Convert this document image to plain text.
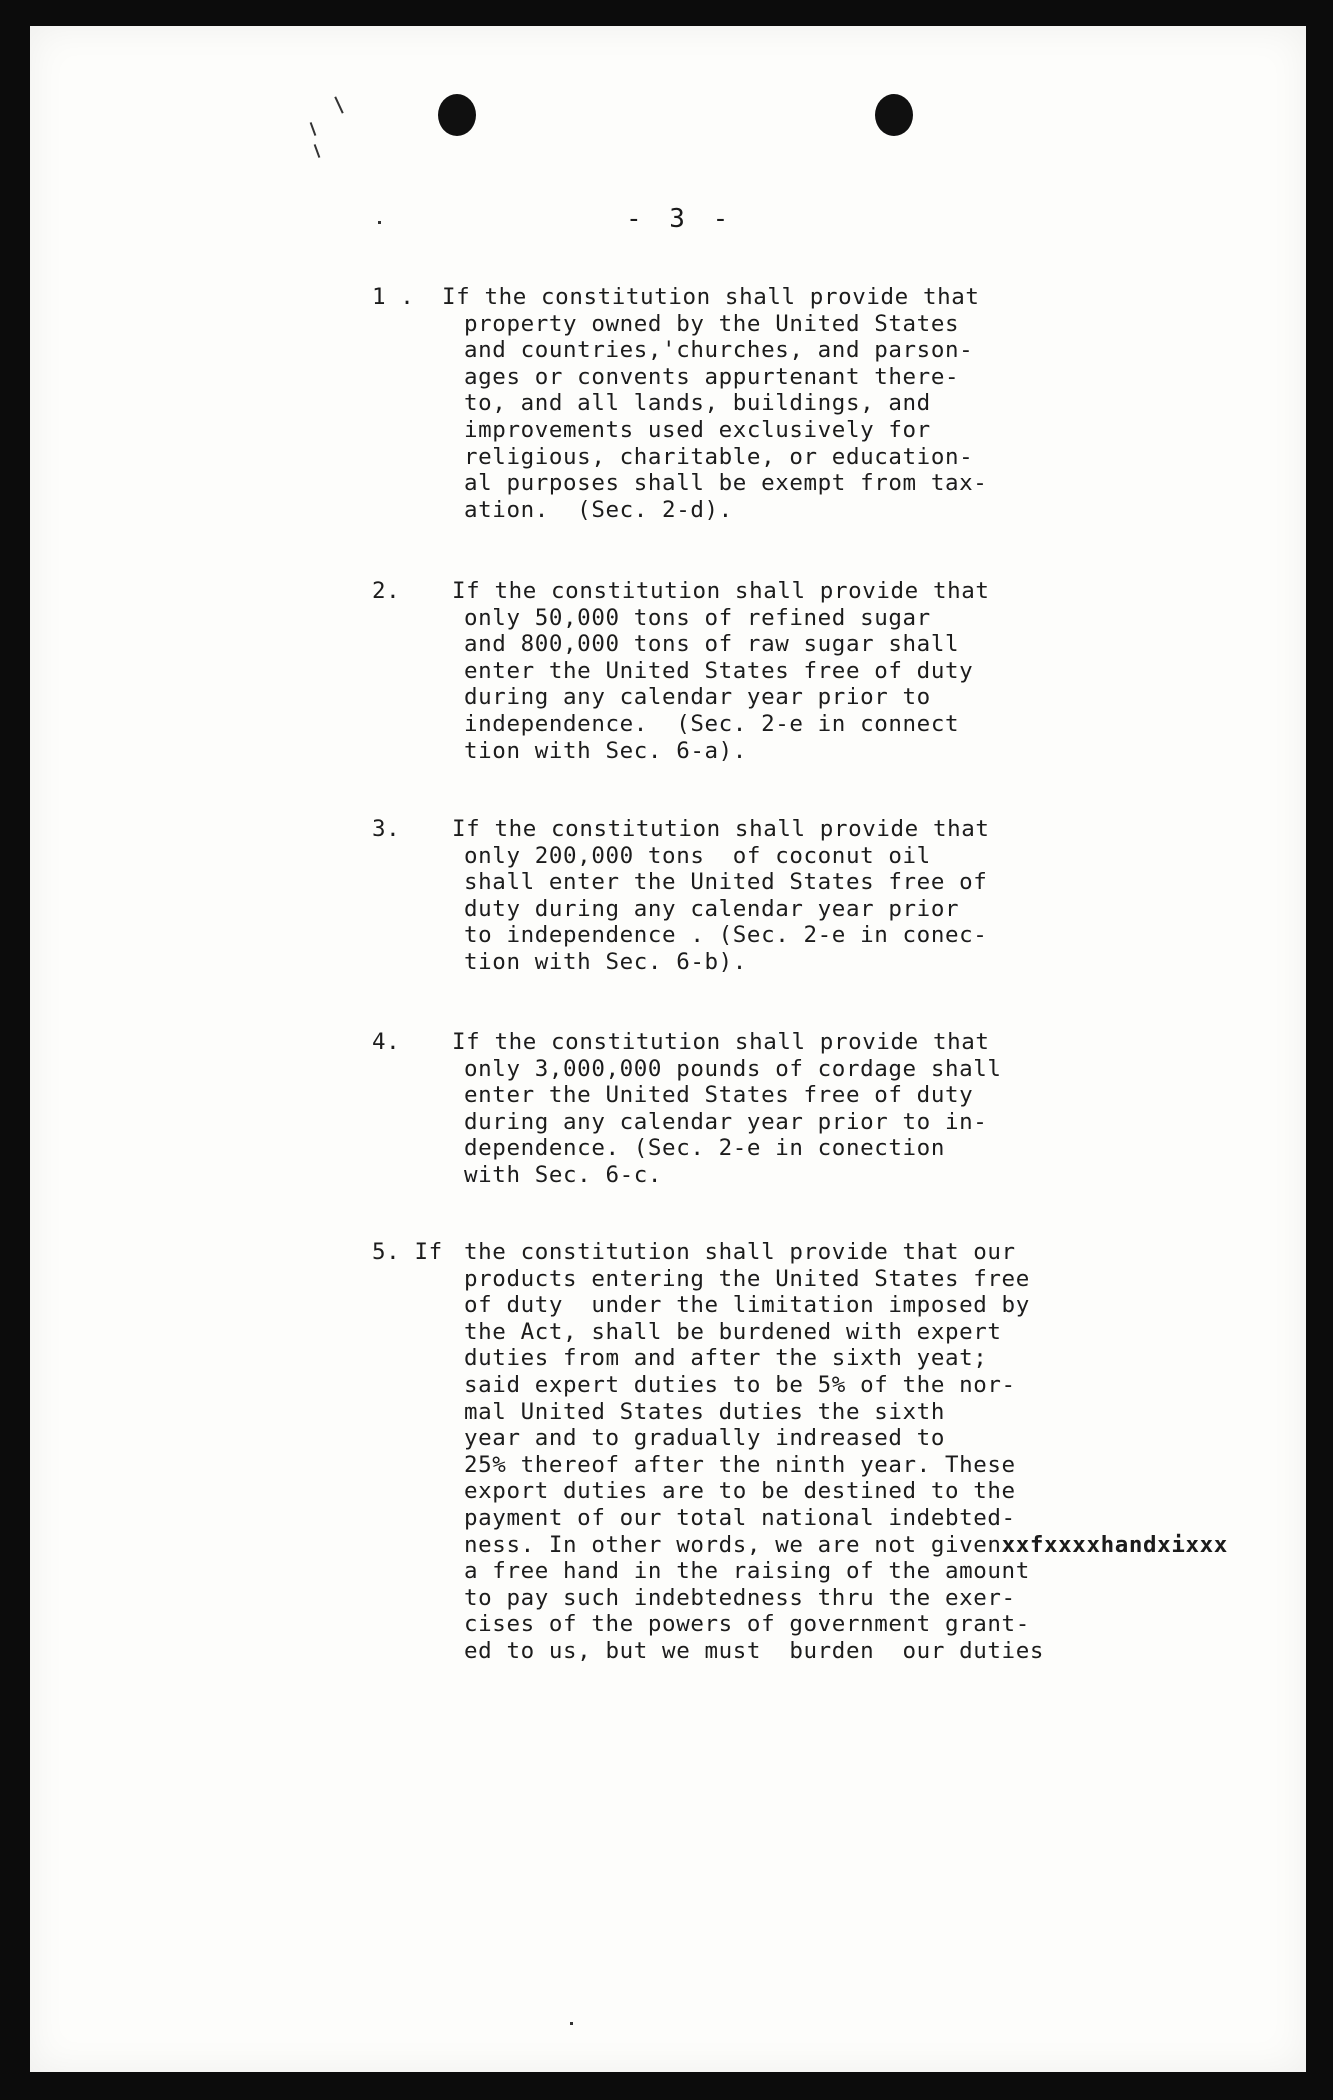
- 3 -
1 . If the constitution shall provide that
property owned by the United States
and countries,'churches, and parson-
ages or convents appurtenant there-
to, and all lands, buildings, and
improvements used exclusively for
religious, charitable, or education-
al purposes shall be exempt from tax-
ation.  (Sec. 2-d).
2. If the constitution shall provide that
only 50,000 tons of refined sugar
and 800,000 tons of raw sugar shall
enter the United States free of duty
during any calendar year prior to
independence.  (Sec. 2-e in connect
tion with Sec. 6-a).
3. If the constitution shall provide that
only 200,000 tons  of coconut oil
shall enter the United States free of
duty during any calendar year prior
to independence . (Sec. 2-e in conec-
tion with Sec. 6-b).
4. If the constitution shall provide that
only 3,000,000 pounds of cordage shall
enter the United States free of duty
during any calendar year prior to in-
dependence. (Sec. 2-e in conection
with Sec. 6-c.
5. If the constitution shall provide that our
products entering the United States free
of duty  under the limitation imposed by
the Act, shall be burdened with expert
duties from and after the sixth yeat;
said expert duties to be 5% of the nor-
mal United States duties the sixth
year and to gradually indreased to
25% thereof after the ninth year. These
export duties are to be destined to the
payment of our total national indebted-
ness. In other words, we are not givenxxfxxxxhandxixxx
a free hand in the raising of the amount
to pay such indebtedness thru the exer-
cises of the powers of government grant-
ed to us, but we must  burden  our duties
